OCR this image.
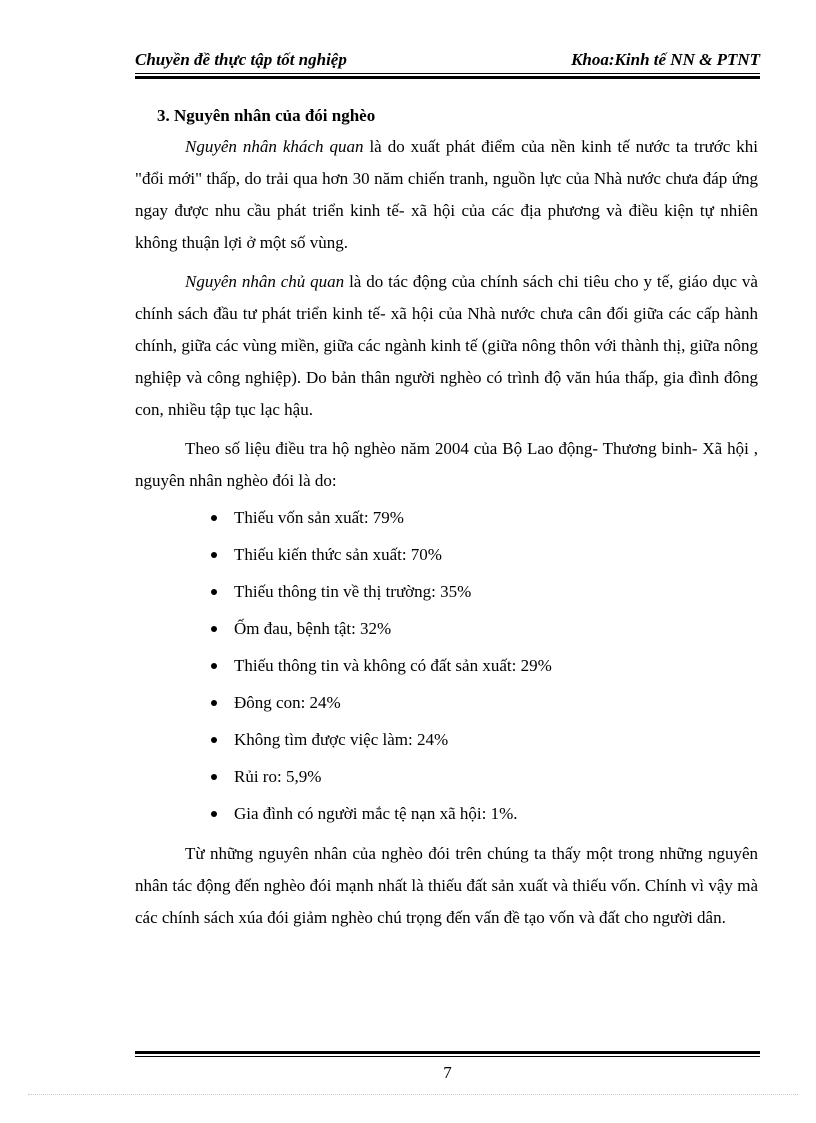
Chuyền đề thực tập tốt nghiệp	Khoa:Kinh tế NN & PTNT
3. Nguyên nhân của đói nghèo

Nguyên nhân khách quan là do xuất phát điểm của nền kinh tế nước ta trước khi "đổi mới" thấp, do trải qua hơn 30 năm chiến tranh, nguồn lực của Nhà nước chưa đáp ứng ngay được nhu cầu phát triển kinh tế- xã hội của các địa phương và điều kiện tự nhiên không thuận lợi ở một số vùng.

Nguyên nhân chủ quan là do tác động của chính sách chi tiêu cho y tế, giáo dục và chính sách đầu tư phát triển kinh tế- xã hội của Nhà nước chưa cân đối giữa các cấp hành chính, giữa các vùng miền, giữa các ngành kinh tế (giữa nông thôn với thành thị, giữa nông nghiệp và công nghiệp). Do bản thân người nghèo có trình độ văn húa thấp, gia đình đông con, nhiều tập tục lạc hậu.

Theo số liệu điều tra hộ nghèo năm 2004 của Bộ Lao động- Thương binh- Xã hội , nguyên nhân nghèo đói là do:

Thiếu vốn sản xuất: 79%
Thiếu kiến thức sản xuất: 70%
Thiếu thông tin về thị trường: 35%
Ốm đau, bệnh tật: 32%
Thiếu thông tin và không có đất sản xuất: 29%
Đông con: 24%
Không tìm được việc làm: 24%
Rủi ro: 5,9%
Gia đình có người mắc tệ nạn xã hội: 1%.

Từ những nguyên nhân của nghèo đói trên chúng ta thấy một trong những nguyên nhân tác động đến nghèo đói mạnh nhất là thiếu đất sản xuất và thiếu vốn. Chính vì vậy mà các chính sách xúa đói giảm nghèo chú trọng đến vấn đề tạo vốn và đất cho người dân.

7
